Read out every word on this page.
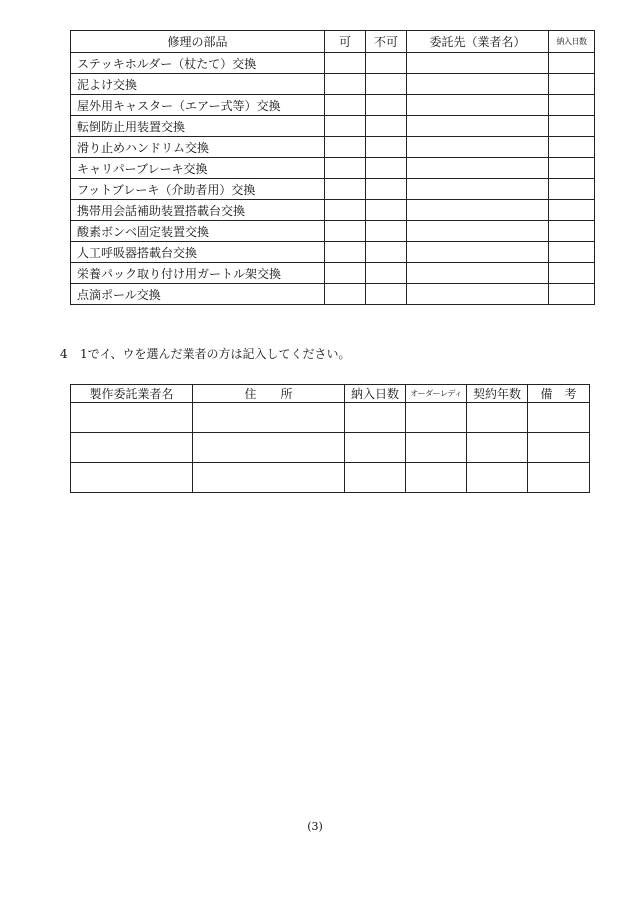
修理の部品	可	不可	委託先（業者名）	納入日数
ステッキホルダー（杖たて）交換				
泥よけ交換				
屋外用キャスター（エアー式等）交換				
転倒防止用装置交換				
滑り止めハンドリム交換				
キャリパーブレーキ交換				
フットブレーキ（介助者用）交換				
携帯用会話補助装置搭載台交換				
酸素ボンベ固定装置交換				
人工呼吸器搭載台交換				
栄養パック取り付け用ガートル架交換				
点滴ポール交換				
4 1でイ、ウを選んだ業者の方は記入してください。
製作委託業者名	住　　所	納入日数	オーダーレディ	契約年数	備　考

(3)
